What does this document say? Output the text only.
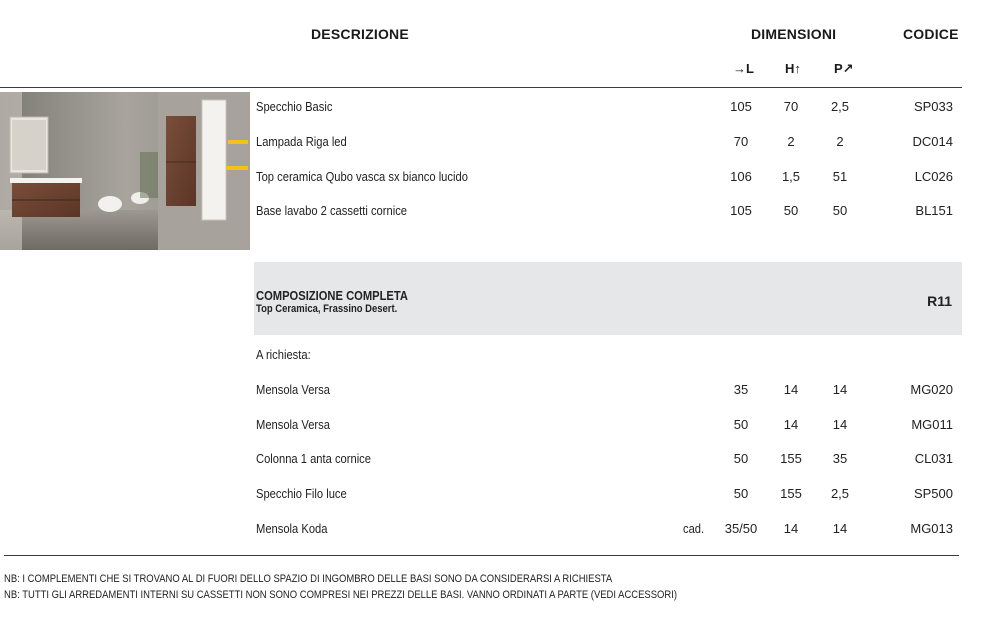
DESCRIZIONE	DIMENSIONI	CODICE
→L H↑	P↗
Specchio Basic	105	70	2,5	SP033
Lampada Riga led	70	2	2	DC014
Top ceramica Qubo vasca sx bianco lucido	106	1,5	51	LC026
Base lavabo 2 cassetti cornice	105	50	50	BL151
COMPOSIZIONE COMPLETA
Top Ceramica, Frassino Desert.	R11
A richiesta:
Mensola Versa	35	14	14	MG020
Mensola Versa	50	14	14	MG011
Colonna 1 anta cornice	50	155	35	CL031
Specchio Filo luce	50	155	2,5	SP500
Mensola Koda	cad.	35/50	14	14	MG013
NB: I COMPLEMENTI CHE SI TROVANO AL DI FUORI DELLO SPAZIO DI INGOMBRO DELLE BASI SONO DA CONSIDERARSI A RICHIESTA
NB: TUTTI GLI ARREDAMENTI INTERNI SU CASSETTI NON SONO COMPRESI NEI PREZZI DELLE BASI. VANNO ORDINATI A PARTE (VEDI ACCESSORI)
